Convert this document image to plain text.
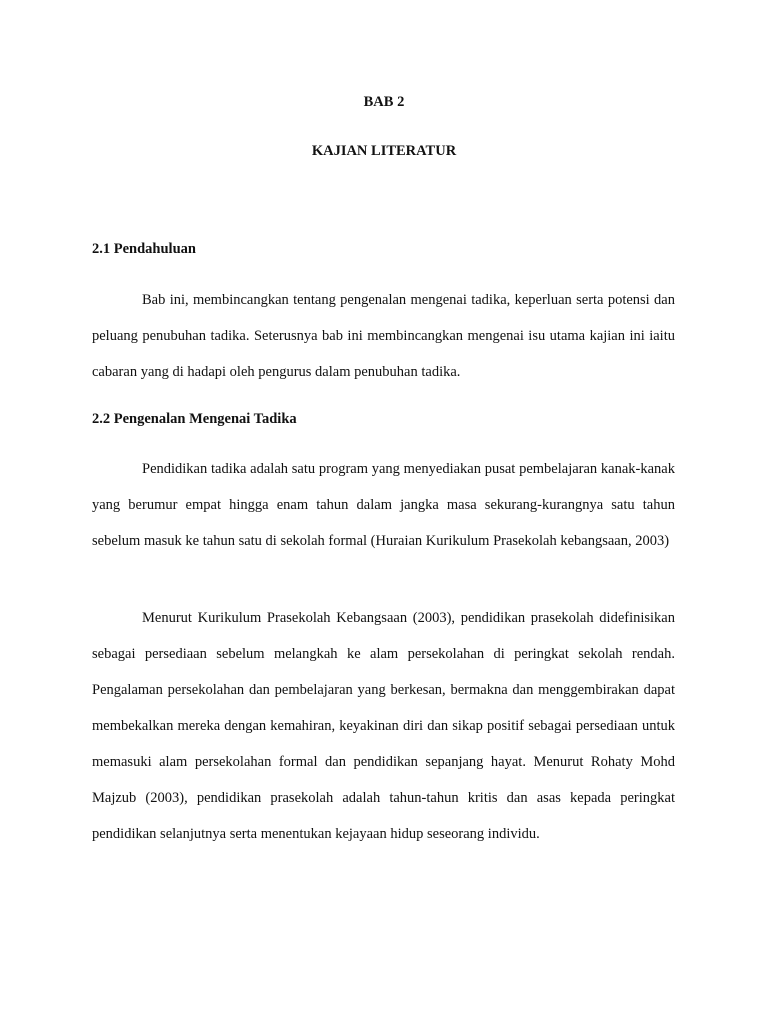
BAB 2
KAJIAN LITERATUR
2.1 Pendahuluan

Bab ini, membincangkan tentang pengenalan mengenai tadika, keperluan serta potensi dan peluang penubuhan tadika. Seterusnya bab ini membincangkan mengenai isu utama kajian ini iaitu cabaran yang di hadapi oleh pengurus dalam penubuhan tadika.

2.2 Pengenalan Mengenai Tadika

Pendidikan tadika adalah satu program yang menyediakan pusat pembelajaran kanak-kanak yang berumur empat hingga enam tahun dalam jangka masa sekurang-kurangnya satu tahun sebelum masuk ke tahun satu di sekolah formal (Huraian Kurikulum Prasekolah kebangsaan, 2003)

Menurut Kurikulum Prasekolah Kebangsaan (2003), pendidikan prasekolah didefinisikan sebagai persediaan sebelum melangkah ke alam persekolahan di peringkat sekolah rendah. Pengalaman persekolahan dan pembelajaran yang berkesan, bermakna dan menggembirakan dapat membekalkan mereka dengan kemahiran, keyakinan diri dan sikap positif sebagai persediaan untuk memasuki alam persekolahan formal dan pendidikan sepanjang hayat. Menurut Rohaty Mohd Majzub (2003), pendidikan prasekolah adalah tahun-tahun kritis dan asas kepada peringkat pendidikan selanjutnya serta menentukan kejayaan hidup seseorang individu.
